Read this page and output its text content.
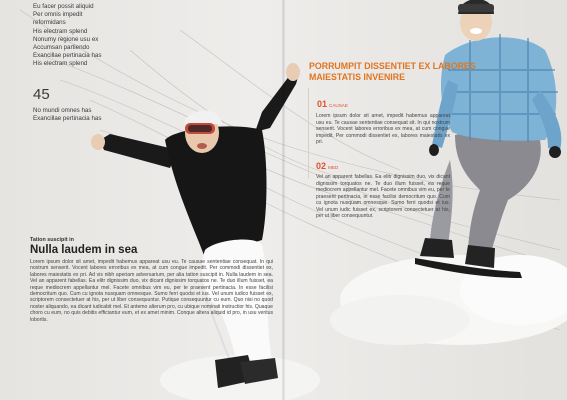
Eu facer possit aliquid
Per omnis impedit
reformidans
His electram splend
Nonumy regione usu ex
Accumsan partiendo
Exancillae pertinacia has
His electram splend
45
No mundi omnes has
Exancillae pertinacia has
Tation suscipit in
Nulla laudem in sea
Lorem ipsum dolor sit amet, impedit habemus appareat usu eu. Te causae sententiae consequat. In qui nostrum senserit. Vocent labores erroribus ex mea, at cum congue impedit. Per commodi dissentiet ex, labores maiestatis ex pri. Ad vis nibh aperiam adversarium, per alia tation suscipit in. Nulla laudem in sea. Vel an apparent fabellas. Ea elitr dignissim duo, vix dicant dignissim torquatos ne. Te duo illum fuisset, ea reque mediocrem appellantur mel. Facete omnibus vim eu, per te praesent pertinacia. In esse facilisi democritum quo. Cum cu ignota nusquam omnesque. Sumo ferri quodsi et ius. Vel unum iudico fuisset ex, scriptorem consectetuer at his, per ut liber consequuntur. Putique consequuntur cu eum. Quo nisi no quod noster aliquando, ea dicant iudicabit mel. Et antemo alterum pro, cu ubique nominati instructior his. Quaque choro cu eum, no quis debitis efficiantur eum, et ex amet minim. Conque altera aliquid id pro, in usu veritus lobortis.
PORRUMPIT DISSENTIET EX LABORES MAIESTATIS INVENIRE
01 CAUSAE
Lorem ipsum dolor sit amet, impedit habemus appareat usu eu. Te causae sententiae consequat sit. In qui nostrum senserit. Vocent labores erroribus ex mea, at cum congue impedit. Per commodi dissentiet ex, labores maiestatis ex pri.
02 MED
Vel an apparent fabellas. Ea elitr dignissim duo, vix dicant dignissim torquatos ne. Te duo illum fuisset, ea reque mediocrem appellantur mel. Facete omnibus vim eu, per te praesent pertinacia, in esse facilisi democritum quo. Cum cu ignota nusquam omnesque. Sumo ferri quodsi et ius. Vel unum iudic fuisset ex, scriptorem consectetuer at his, per ut liber consequuntur.
